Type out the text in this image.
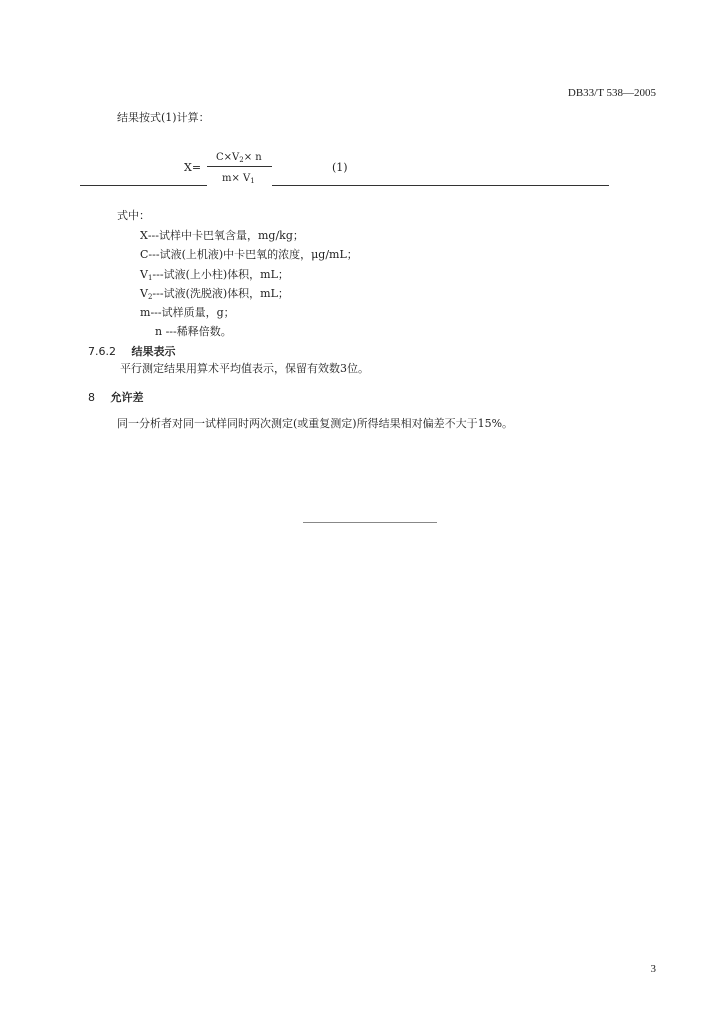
DB33/T 538—2005
结果按式(1)计算：
X=
$C\times V_2\times n$
$m\times V_1$
(1)
式中：
X---试样中卡巴氧含量，mg/kg；
C---试液(上机液)中卡巴氧的浓度，μg/mL；
$V_1---$试液(上小柱)体积，mL；
$V_2---$试液(洗脱液)体积，mL；
m---试样质量，g；
n ---稀释倍数。
7.6.2 结果表示
平行测定结果用算术平均值表示，保留有效数3位。
8 允许差
同一分析者对同一试样同时两次测定(或重复测定)所得结果相对偏差不大于15%。
3
